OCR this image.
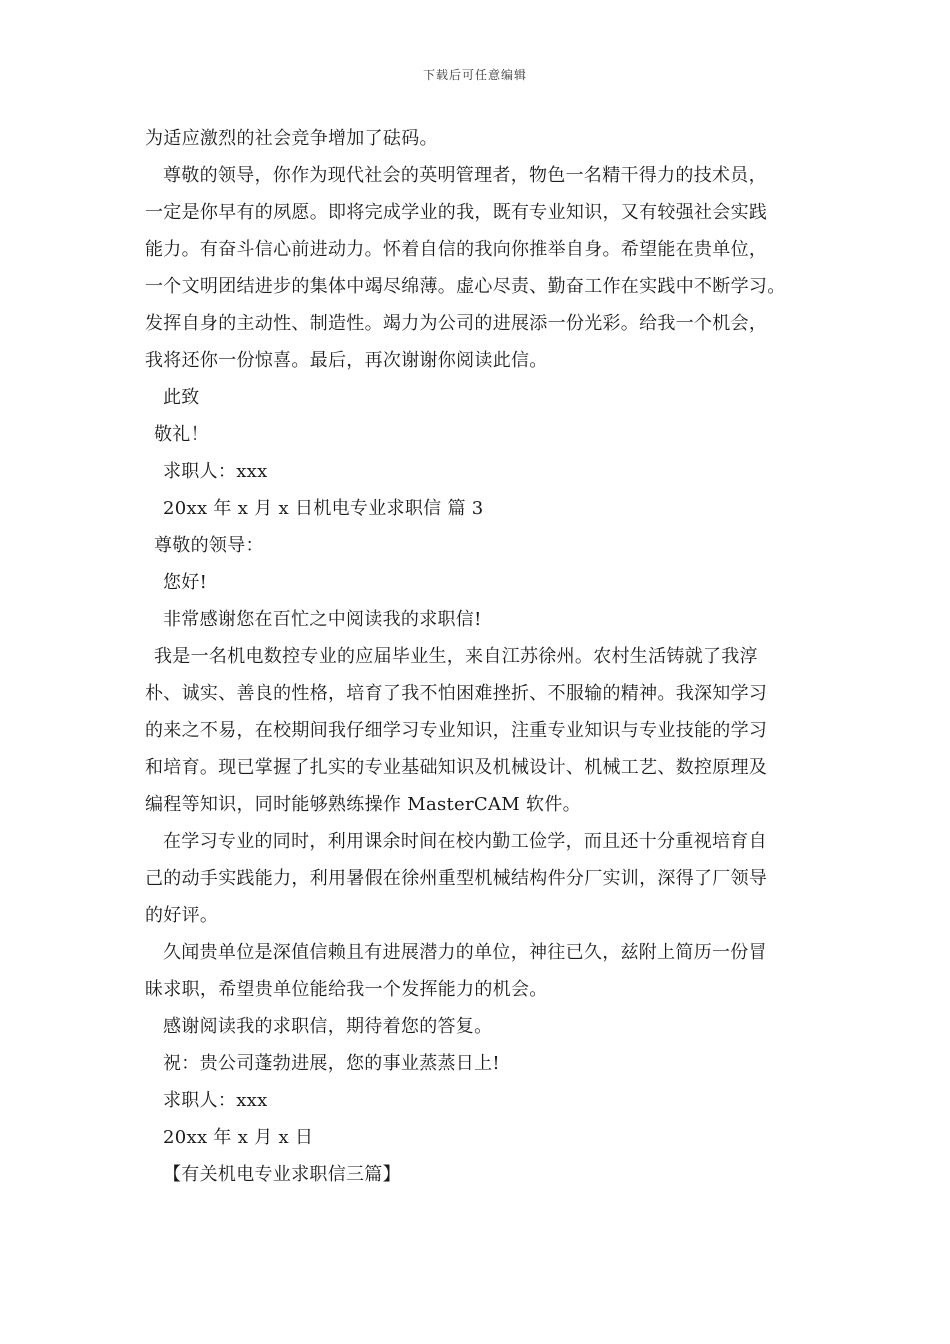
下载后可任意编辑
为适应激烈的社会竞争增加了砝码。
尊敬的领导，你作为现代社会的英明管理者，物色一名精干得力的技术员，
一定是你早有的夙愿。即将完成学业的我，既有专业知识，又有较强社会实践
能力。有奋斗信心前进动力。怀着自信的我向你推举自身。希望能在贵单位，
一个文明团结进步的集体中竭尽绵薄。虚心尽责、勤奋工作在实践中不断学习。
发挥自身的主动性、制造性。竭力为公司的进展添一份光彩。给我一个机会，
我将还你一份惊喜。最后，再次谢谢你阅读此信。
此致
敬礼！
求职人：xxx
20xx 年 x 月 x 日机电专业求职信 篇 3
尊敬的领导：
您好!
非常感谢您在百忙之中阅读我的求职信!
我是一名机电数控专业的应届毕业生，来自江苏徐州。农村生活铸就了我淳
朴、诚实、善良的性格，培育了我不怕困难挫折、不服输的精神。我深知学习
的来之不易，在校期间我仔细学习专业知识，注重专业知识与专业技能的学习
和培育。现已掌握了扎实的专业基础知识及机械设计、机械工艺、数控原理及
编程等知识，同时能够熟练操作 MasterCAM 软件。
在学习专业的同时，利用课余时间在校内勤工俭学，而且还十分重视培育自
己的动手实践能力，利用暑假在徐州重型机械结构件分厂实训，深得了厂领导
的好评。
久闻贵单位是深值信赖且有进展潜力的单位，神往已久，兹附上简历一份冒
昧求职，希望贵单位能给我一个发挥能力的机会。
感谢阅读我的求职信，期待着您的答复。
祝：贵公司蓬勃进展，您的事业蒸蒸日上!
求职人：xxx
20xx 年 x 月 x 日
【有关机电专业求职信三篇】
